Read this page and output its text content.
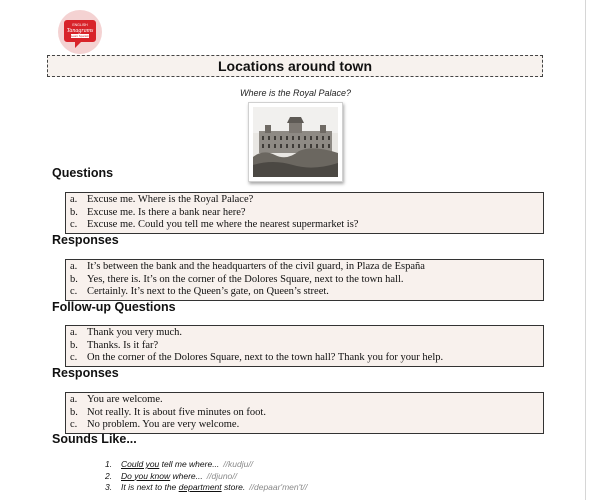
ENGLISH
Tanagrams
Learn Spanish
Locations around town
Where is the Royal Palace?
Questions
a. Excuse me. Where is the Royal Palace?
b. Excuse me. Is there a bank near here?
c. Excuse me. Could you tell me where the nearest supermarket is?
Responses
a. It’s between the bank and the headquarters of the civil guard, in Plaza de España
b. Yes, there is. It’s on the corner of the Dolores Square, next to the town hall.
c. Certainly. It’s next to the Queen’s gate, on Queen’s street.
Follow-up Questions
a. Thank you very much.
b. Thanks. Is it far?
c. On the corner of the Dolores Square, next to the town hall? Thank you for your help.
Responses
a. You are welcome.
b. Not really. It is about five minutes on foot.
c. No problem. You are very welcome.
Sounds Like...
1.	Could you tell me where... //kudju//
2.	Do you know where... //djuno//
3.	It is next to the department store. //depaar'men't//
